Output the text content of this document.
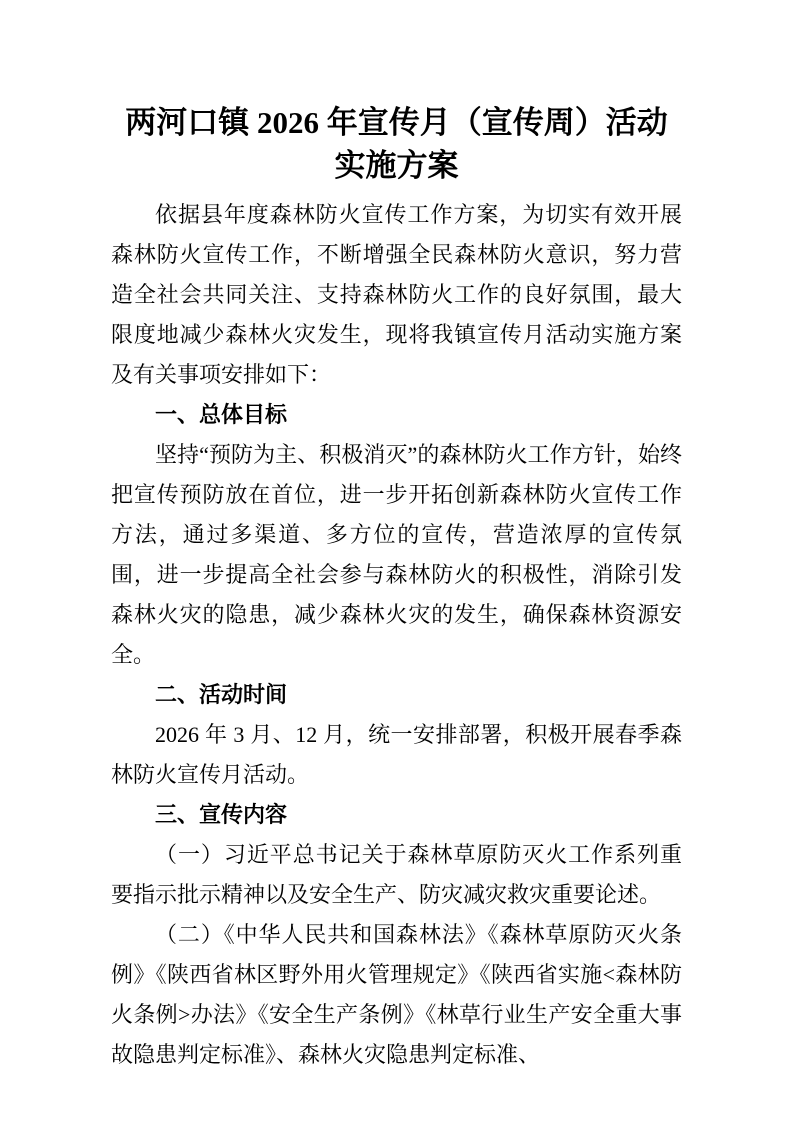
两河口镇 2026 年宣传月（宣传周）活动
实施方案

依据县年度森林防火宣传工作方案，为切实有效开展森林防火宣传工作，不断增强全民森林防火意识，努力营造全社会共同关注、支持森林防火工作的良好氛围，最大限度地减少森林火灾发生，现将我镇宣传月活动实施方案及有关事项安排如下：

一、总体目标

坚持“预防为主、积极消灭”的森林防火工作方针，始终把宣传预防放在首位，进一步开拓创新森林防火宣传工作方法，通过多渠道、多方位的宣传，营造浓厚的宣传氛围，进一步提高全社会参与森林防火的积极性，消除引发森林火灾的隐患，减少森林火灾的发生，确保森林资源安全。

二、活动时间

2026 年 3 月、12 月，统一安排部署，积极开展春季森林防火宣传月活动。

三、宣传内容

（一）习近平总书记关于森林草原防灭火工作系列重要指示批示精神以及安全生产、防灾减灾救灾重要论述。

（二）《中华人民共和国森林法》《森林草原防灭火条例》《陕西省林区野外用火管理规定》《陕西省实施<森林防火条例>办法》《安全生产条例》《林草行业生产安全重大事故隐患判定标准》、森林火灾隐患判定标准、
